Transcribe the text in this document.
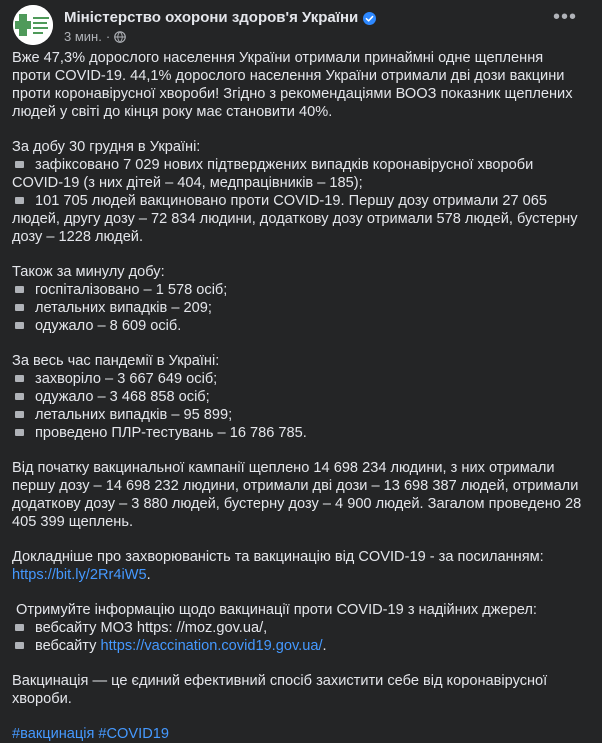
Міністерство охорони здоров'я України
3 мин. ·
•••

Вже 47,3% дорослого населення України отримали принаймні одне щеплення проти COVID-19. 44,1% дорослого населення України отримали дві дози вакцини проти коронавірусної хвороби! Згідно з рекомендаціями ВООЗ показник щеплених людей у світі до кінця року має становити 40%.

За добу 30 грудня в Україні:
зафіксовано 7 029 нових підтверджених випадків коронавірусної хвороби COVID-19 (з них дітей – 404, медпрацівників – 185);
101 705 людей вакциновано проти COVID-19. Першу дозу отримали 27 065 людей, другу дозу – 72 834 людини, додаткову дозу отримали 578 людей, бустерну дозу – 1228 людей.

Також за минулу добу:
госпіталізовано – 1 578 осіб;
летальних випадків – 209;
одужало – 8 609 осіб.

За весь час пандемії в Україні:
захворіло – 3 667 649 осіб;
одужало – 3 468 858 осіб;
летальних випадків – 95 899;
проведено ПЛР-тестувань – 16 786 785.

Від початку вакцинальної кампанії щеплено 14 698 234 людини, з них отримали першу дозу – 14 698 232 людини, отримали дві дози – 13 698 387 людей, отримали додаткову дозу – 3 880 людей, бустерну дозу – 4 900 людей. Загалом проведено 28 405 399 щеплень.

Докладніше про захворюваність та вакцинацію від COVID-19 - за посиланням:
https://bit.ly/2Rr4iW5.

Отримуйте інформацію щодо вакцинації проти COVID-19 з надійних джерел:
вебсайту МОЗ https: //moz.gov.ua/,
вебсайту https://vaccination.covid19.gov.ua/.

Вакцинація — це єдиний ефективний спосіб захистити себе від коронавірусної хвороби.

#вакцинація #COVID19
